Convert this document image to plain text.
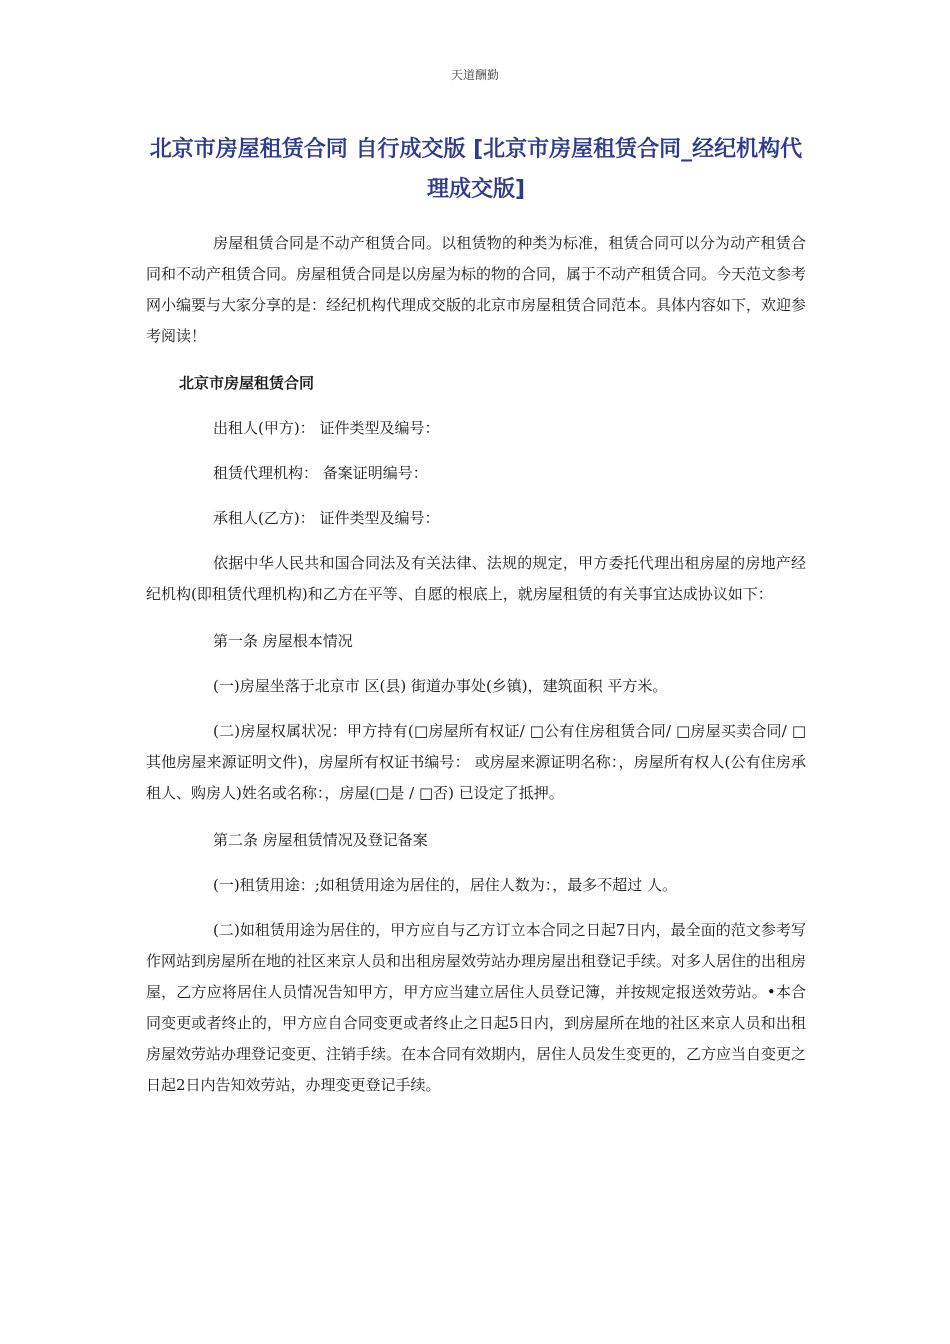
天道酬勤
北京市房屋租赁合同 自行成交版 [北京市房屋租赁合同_经纪机构代理成交版]

房屋租赁合同是不动产租赁合同。以租赁物的种类为标准，租赁合同可以分为动产租赁合同和不动产租赁合同。房屋租赁合同是以房屋为标的物的合同，属于不动产租赁合同。今天范文参考网小编要与大家分享的是：经纪机构代理成交版的北京市房屋租赁合同范本。具体内容如下，欢迎参考阅读！

北京市房屋租赁合同

出租人(甲方)： 证件类型及编号：

租赁代理机构： 备案证明编号：

承租人(乙方)： 证件类型及编号：

依据中华人民共和国合同法及有关法律、法规的规定，甲方委托代理出租房屋的房地产经纪机构(即租赁代理机构)和乙方在平等、自愿的根底上，就房屋租赁的有关事宜达成协议如下：

第一条 房屋根本情况

(一)房屋坐落于北京市 区(县) 街道办事处(乡镇)，建筑面积 平方米。

(二)房屋权属状况：甲方持有(□房屋所有权证/ □公有住房租赁合同/ □房屋买卖合同/ □其他房屋来源证明文件)，房屋所有权证书编号： 或房屋来源证明名称：，房屋所有权人(公有住房承租人、购房人)姓名或名称：，房屋(□是 / □否) 已设定了抵押。

第二条 房屋租赁情况及登记备案

(一)租赁用途：;如租赁用途为居住的，居住人数为：，最多不超过 人。

(二)如租赁用途为居住的，甲方应自与乙方订立本合同之日起7日内，最全面的范文参考写作网站到房屋所在地的社区来京人员和出租房屋效劳站办理房屋出租登记手续。对多人居住的出租房屋，乙方应将居住人员情况告知甲方，甲方应当建立居住人员登记簿，并按规定报送效劳站。•本合同变更或者终止的，甲方应自合同变更或者终止之日起5日内，到房屋所在地的社区来京人员和出租房屋效劳站办理登记变更、注销手续。在本合同有效期内，居住人员发生变更的，乙方应当自变更之日起2日内告知效劳站，办理变更登记手续。
